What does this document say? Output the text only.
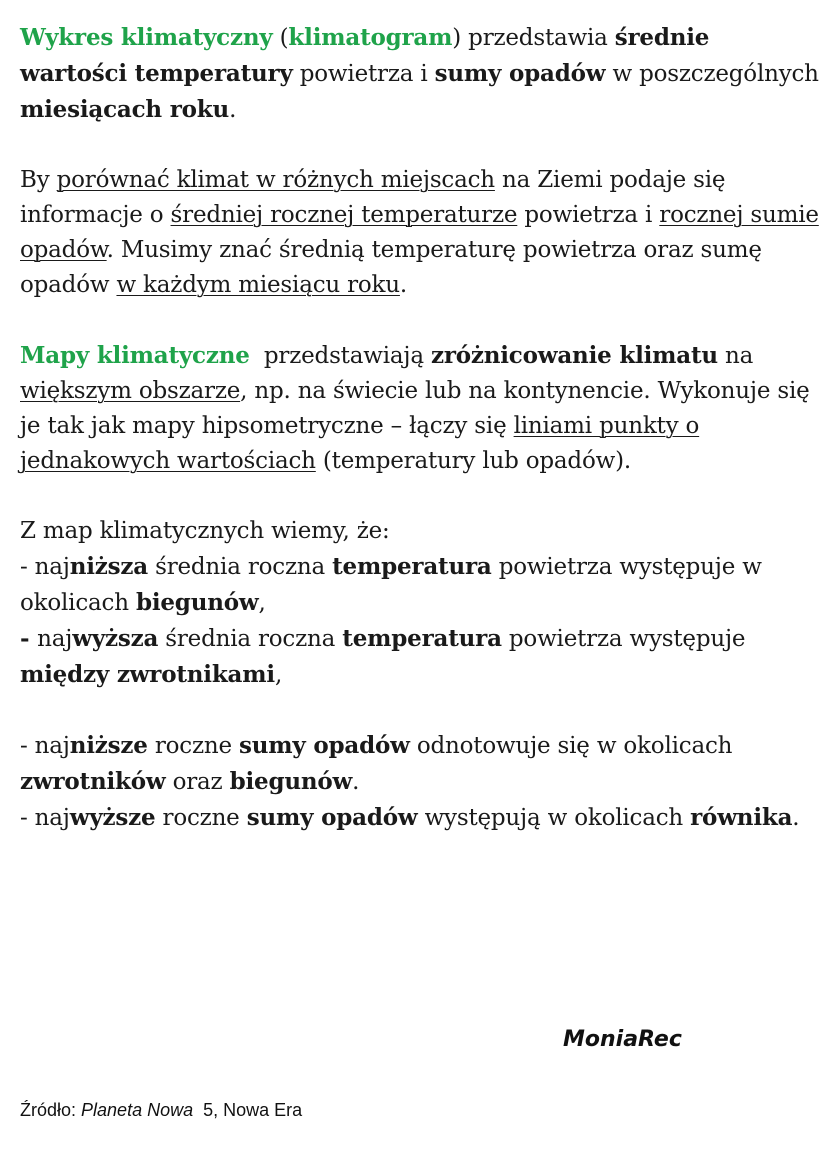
Wykres klimatyczny (klimatogram) przedstawia średnie wartości temperatury powietrza i sumy opadów w poszczególnych miesiącach roku.

By porównać klimat w różnych miejscach na Ziemi podaje się informacje o średniej rocznej temperaturze powietrza i rocznej sumie opadów. Musimy znać średnią temperaturę powietrza oraz sumę opadów w każdym miesiącu roku.

Mapy klimatyczne  przedstawiają zróżnicowanie klimatu na większym obszarze, np. na świecie lub na kontynencie. Wykonuje się je tak jak mapy hipsometryczne – łączy się liniami punkty o jednakowych wartościach (temperatury lub opadów).

Z map klimatycznych wiemy, że:
- najniższa średnia roczna temperatura powietrza występuje w okolicach biegunów,
- najwyższa średnia roczna temperatura powietrza występuje między zwrotnikami,
- najniższe roczne sumy opadów odnotowuje się w okolicach zwrotników oraz biegunów.
- najwyższe roczne sumy opadów występują w okolicach równika.
MoniaRec
Źródło: Planeta Nowa  5, Nowa Era
